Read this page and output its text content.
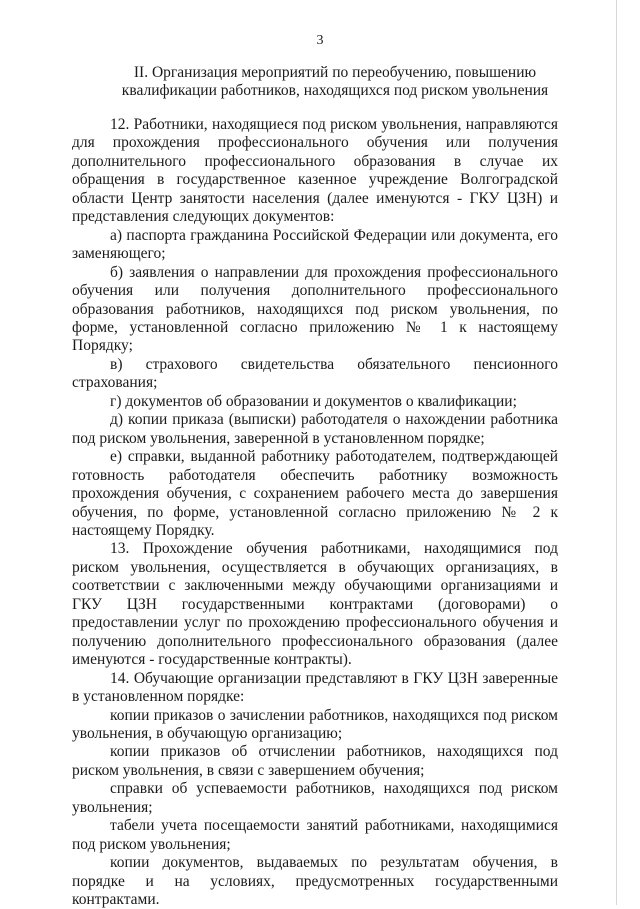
3
II. Организация мероприятий по переобучению, повышению
квалификации работников, находящихся под риском увольнения

12. Работники, находящиеся под риском увольнения, направляются для прохождения профессионального обучения или получения дополнительного профессионального образования в случае их обращения в государственное казенное учреждение Волгоградской области Центр занятости населения (далее именуются - ГКУ ЦЗН) и представления следующих документов:

а) паспорта гражданина Российской Федерации или документа, его заменяющего;

б) заявления о направлении для прохождения профессионального обучения или получения дополнительного профессионального образования работников, находящихся под риском увольнения, по форме, установленной согласно приложению № 1 к настоящему Порядку;

в) страхового свидетельства обязательного пенсионного страхования;

г) документов об образовании и документов о квалификации;

д) копии приказа (выписки) работодателя о нахождении работника под риском увольнения, заверенной в установленном порядке;

е) справки, выданной работнику работодателем, подтверждающей готовность работодателя обеспечить работнику возможность прохождения обучения, с сохранением рабочего места до завершения обучения, по форме, установленной согласно приложению № 2 к настоящему Порядку.

13. Прохождение обучения работниками, находящимися под риском увольнения, осуществляется в обучающих организациях, в соответствии с заключенными между обучающими организациями и ГКУ ЦЗН государственными контрактами (договорами) о предоставлении услуг по прохождению профессионального обучения и получению дополнительного профессионального образования (далее именуются - государственные контракты).

14. Обучающие организации представляют в ГКУ ЦЗН заверенные в установленном порядке:

копии приказов о зачислении работников, находящихся под риском увольнения, в обучающую организацию;

копии приказов об отчислении работников, находящихся под риском увольнения, в связи с завершением обучения;

справки об успеваемости работников, находящихся под риском увольнения;

табели учета посещаемости занятий работниками, находящимися под риском увольнения;

копии документов, выдаваемых по результатам обучения, в порядке и на условиях, предусмотренных государственными контрактами.
